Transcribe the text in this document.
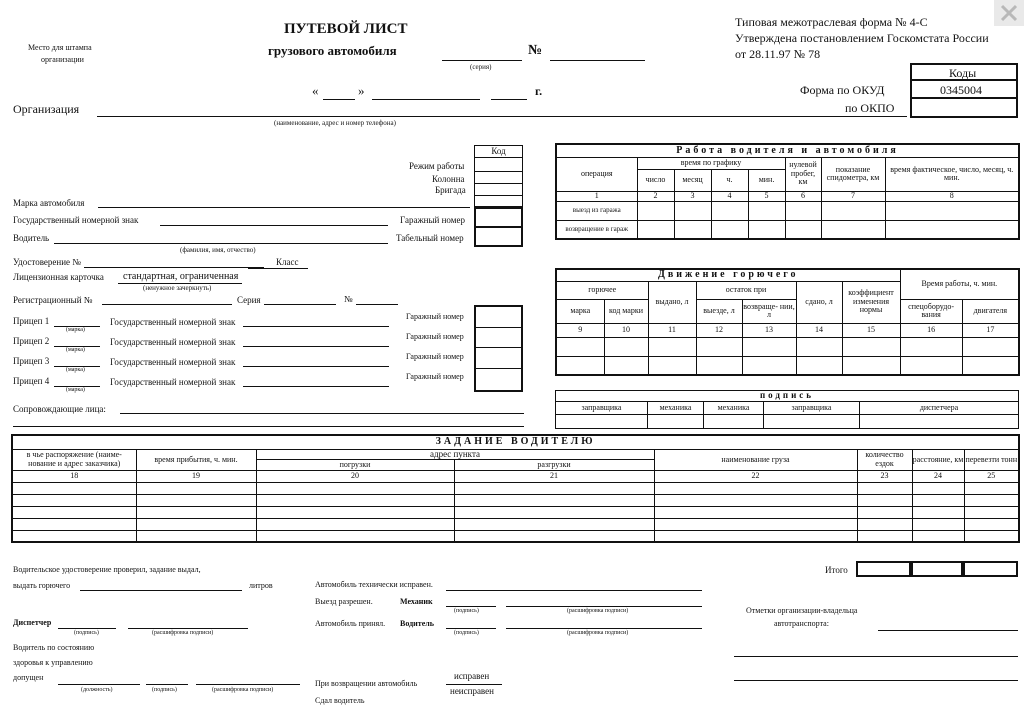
Место для штампа
организации
ПУТЕВОЙ ЛИСТ
грузового автомобиля
(серия)
№
Типовая межотраслевая форма № 4-С
Утверждена постановлением Госкомстата России
от 28.11.97 № 78
«	»	г.
Коды
0345004
Форма по ОКУД
по ОКПО
Организация
(наименование, адрес и номер телефона)
Код

Режим работы
Колонна
Бригада
Марка автомобиля
Государственный номерной знак	Гаражный номер
Водитель	Табельный номер
(фамилия, имя, отчество)
Удостоверение №	Класс
Лицензионная карточка стандартная, ограниченная
(ненужное зачеркнуть)
Регистрационный №	Серия	№
Прицеп 1
(марка)
Государственный номерной знак
Гаражный номер
Прицеп 2
(марка)
Государственный номерной знак
Гаражный номер
Прицеп 3
(марка)
Государственный номерной знак
Гаражный номер
Прицеп 4
(марка)
Государственный номерной знак
Гаражный номер
Сопровождающие лица:
Работа водителя и автомобиля							
операция	время по графику				нулевой пробег, км	показание спидометра, км	время фактическое, число, месяц, ч. мин.
	число	месяц	ч.	мин.			
1	2	3	4	5	6	7	8
выезд из гаража							
возвращение в гараж							
Движение горючего							Время работы, ч. мин.	
горючее		выдано, л	остаток при		сдано, л	коэффициент изменения нормы		
марка	код марки		выезде, л	возвраще- нии, л			спецоборудо- вания	двигателя
9	10	11	12	13	14	15	16	17

подпись				
заправщика	механика	механика	заправщика	диспетчера

ЗАДАНИЕ ВОДИТЕЛЮ							
в чье распоряжение (наиме- нование и адрес заказчика)	время прибытия, ч. мин.	адрес пункта		наименование груза	количество ездок	расстояние, км	перевезти тонн
		погрузки	разгрузки				
18	19	20	21	22	23	24	25

Итого
Водительское удостоверение проверил, задание выдал,
выдать горючего	литров
Диспетчер
(подпись)	(расшифровка подписи)
Водитель по состоянию
здоровья к управлению
допущен
(должность)	(подпись)	(расшифровка подписи)
Автомобиль технически исправен.
Выезд разрешен.	Механик
(подпись)	(расшифровка подписи)
Автомобиль принял. Водитель
(подпись)	(расшифровка подписи)
При возвращении автомобиль
исправен
неисправен
Сдал водитель
Отметки организации-владельца
автотранспорта:
